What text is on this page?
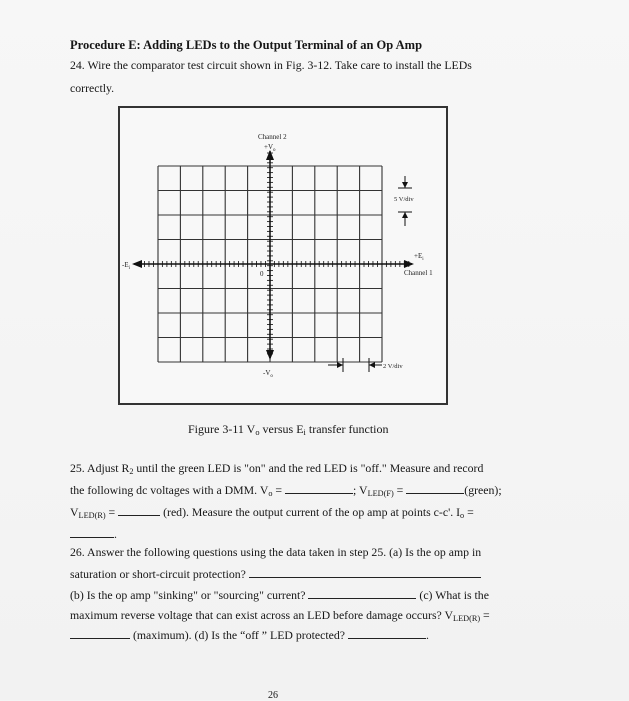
Procedure E: Adding LEDs to the Output Terminal of an Op Amp
24. Wire the comparator test circuit shown in Fig. 3-12. Take care to install the LEDs
correctly.
Channel 2
$+V_o$
$-V_o$
$-E_i$
$+E_i$
Channel 1
0
5 V/div
2 V/div
Figure 3-11 $V_o$ versus $E_i$ transfer function
25. Adjust $R_2$ until the green LED is "on" and the red LED is "off." Measure and record
the following dc voltages with a DMM. $V_o$ =	; $V_{LED(F)}$ =	(green);
$V_{LED(R)}$ =	(red). Measure the output current of the op amp at points c-c'. $I_o$ =
.
26. Answer the following questions using the data taken in step 25. (a) Is the op amp in
saturation or short-circuit protection?
(b) Is the op amp "sinking" or "sourcing" current?	(c) What is the
maximum reverse voltage that can exist across an LED before damage occurs? $V_{LED(R)}$ =
(maximum). (d) Is the “off ” LED protected?	.
26
